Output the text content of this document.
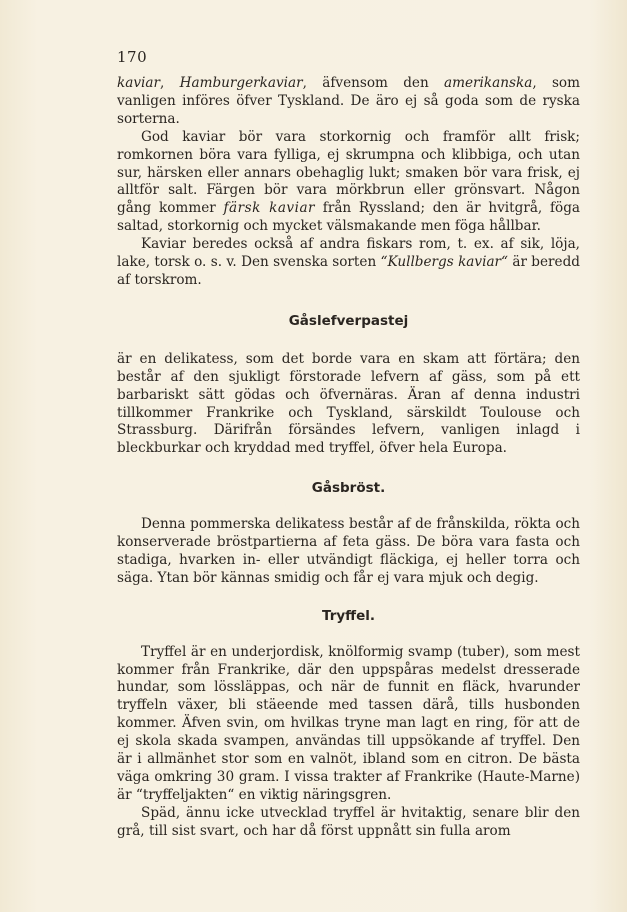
170

kaviar, Hamburgerkaviar, äfvensom den amerikanska, som vanligen införes öfver Tyskland. De äro ej så goda som de ryska sorterna.

God kaviar bör vara storkornig och framför allt frisk; romkornen böra vara fylliga, ej skrumpna och klibbiga, och utan sur, härsken eller annars obehaglig lukt; smaken bör vara frisk, ej alltför salt. Färgen bör vara mörkbrun eller grönsvart. Någon gång kommer färsk kaviar från Ryssland; den är hvitgrå, föga saltad, storkornig och mycket välsmakande men föga hållbar.

Kaviar beredes också af andra fiskars rom, t. ex. af sik, löja, lake, torsk o. s. v. Den svenska sorten “Kullbergs kaviar“ är beredd af torskrom.

Gåslefverpastej

är en delikatess, som det borde vara en skam att förtära; den består af den sjukligt förstorade lefvern af gäss, som på ett barbariskt sätt gödas och öfvernäras. Äran af denna industri tillkommer Frankrike och Tyskland, särskildt Toulouse och Strassburg. Därifrån försändes lefvern, vanligen inlagd i bleckburkar och kryddad med tryffel, öfver hela Europa.

Gåsbröst.

Denna pommerska delikatess består af de frånskilda, rökta och konserverade bröstpartierna af feta gäss. De böra vara fasta och stadiga, hvarken in- eller utvändigt fläckiga, ej heller torra och säga. Ytan bör kännas smidig och får ej vara mjuk och degig.

Tryffel.

Tryffel är en underjordisk, knölformig svamp (tuber), som mest kommer från Frankrike, där den uppspåras medelst dresserade hundar, som lössläppas, och när de funnit en fläck, hvarunder tryffeln växer, bli stäeende med tassen därå, tills husbonden kommer. Äfven svin, om hvilkas tryne man lagt en ring, för att de ej skola skada svampen, användas till uppsökande af tryffel. Den är i allmänhet stor som en valnöt, ibland som en citron. De bästa väga omkring 30 gram. I vissa trakter af Frankrike (Haute-Marne) är “tryffeljakten“ en viktig näringsgren.

Späd, ännu icke utvecklad tryffel är hvitaktig, senare blir den grå, till sist svart, och har då först uppnått sin fulla arom
